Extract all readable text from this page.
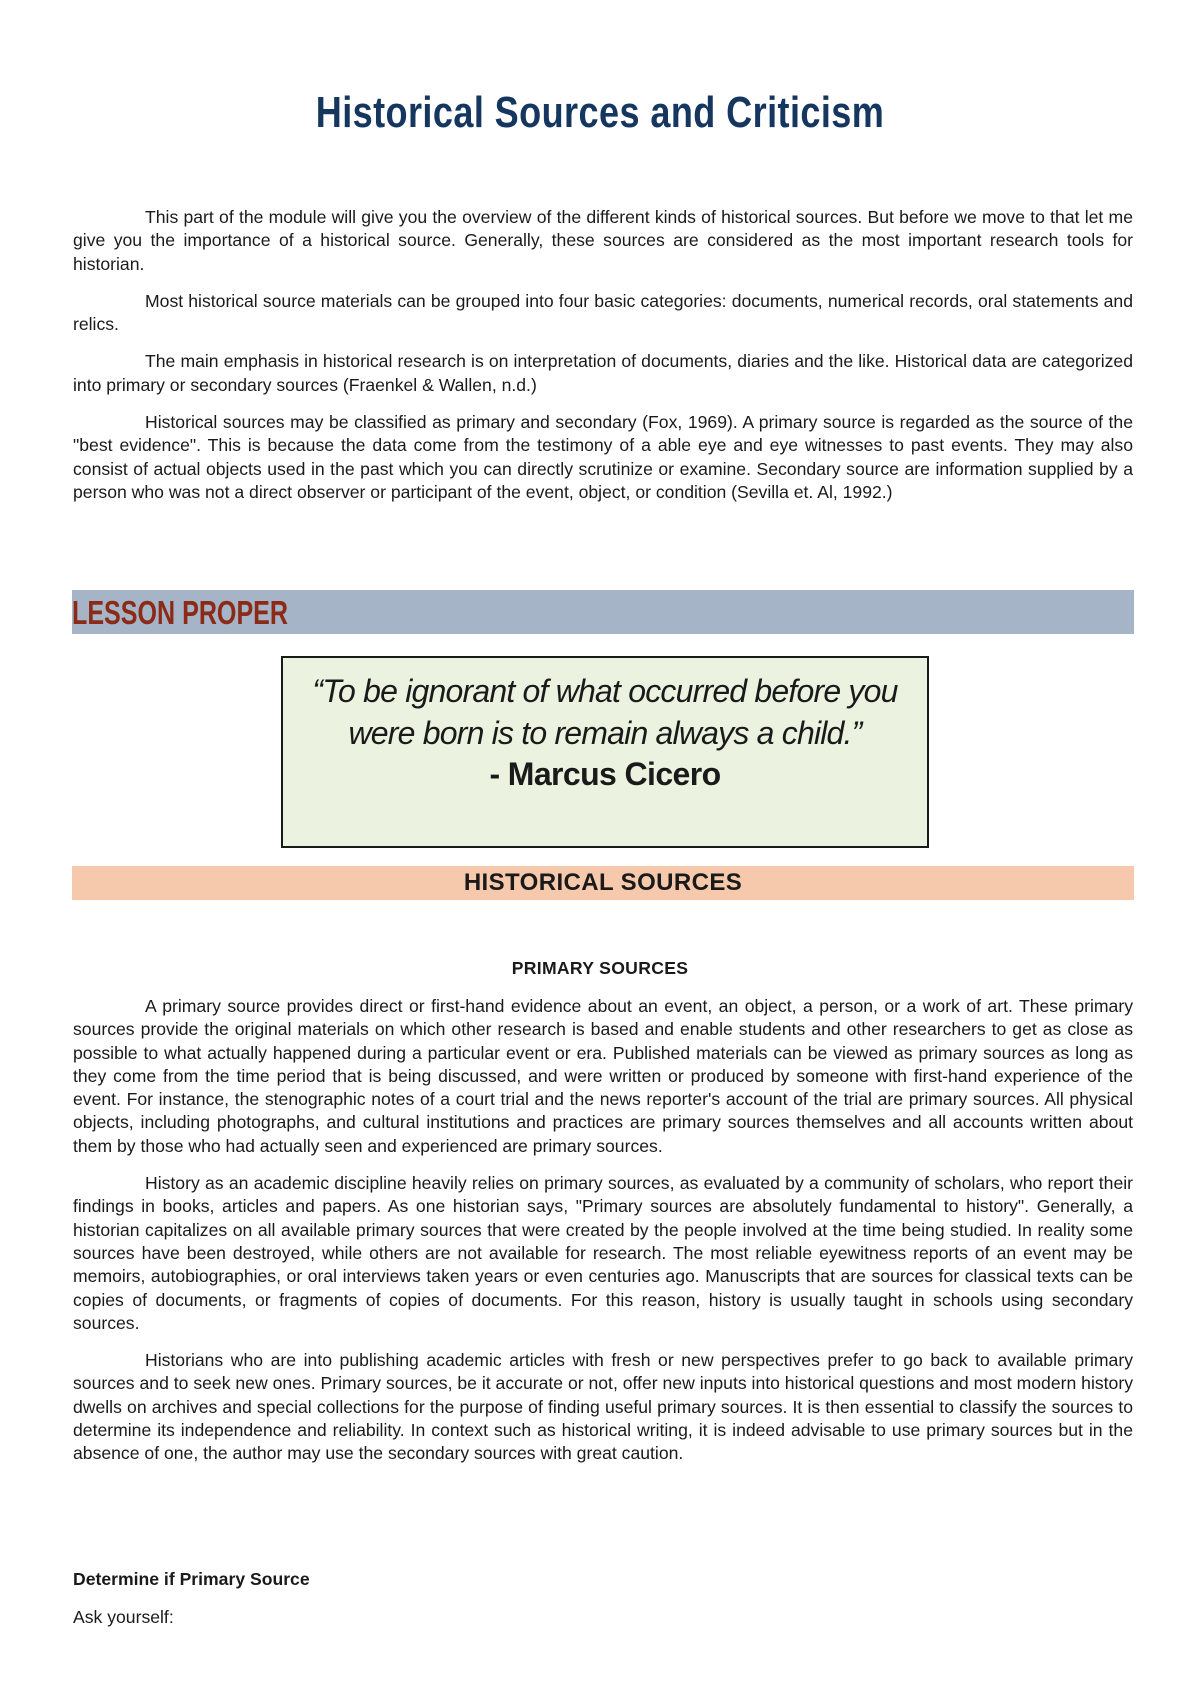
Historical Sources and Criticism

This part of the module will give you the overview of the different kinds of historical sources. But before we move to that let me give you the importance of a historical source. Generally, these sources are considered as the most important research tools for historian.

Most historical source materials can be grouped into four basic categories: documents, numerical records, oral statements and relics.

The main emphasis in historical research is on interpretation of documents, diaries and the like. Historical data are categorized into primary or secondary sources (Fraenkel & Wallen, n.d.)

Historical sources may be classified as primary and secondary (Fox, 1969). A primary source is regarded as the source of the "best evidence". This is because the data come from the testimony of a able eye and eye witnesses to past events. They may also consist of actual objects used in the past which you can directly scrutinize or examine. Secondary source are information supplied by a person who was not a direct observer or participant of the event, object, or condition (Sevilla et. Al, 1992.)

LESSON PROPER
“To be ignorant of what occurred before you were born is to remain always a child.”
- Marcus Cicero
HISTORICAL SOURCES
PRIMARY SOURCES

A primary source provides direct or first-hand evidence about an event, an object, a person, or a work of art. These primary sources provide the original materials on which other research is based and enable students and other researchers to get as close as possible to what actually happened during a particular event or era. Published materials can be viewed as primary sources as long as they come from the time period that is being discussed, and were written or produced by someone with first-hand experience of the event. For instance, the stenographic notes of a court trial and the news reporter's account of the trial are primary sources. All physical objects, including photographs, and cultural institutions and practices are primary sources themselves and all accounts written about them by those who had actually seen and experienced are primary sources.

History as an academic discipline heavily relies on primary sources, as evaluated by a community of scholars, who report their findings in books, articles and papers. As one historian says, "Primary sources are absolutely fundamental to history". Generally, a historian capitalizes on all available primary sources that were created by the people involved at the time being studied. In reality some sources have been destroyed, while others are not available for research. The most reliable eyewitness reports of an event may be memoirs, autobiographies, or oral interviews taken years or even centuries ago. Manuscripts that are sources for classical texts can be copies of documents, or fragments of copies of documents. For this reason, history is usually taught in schools using secondary sources.

Historians who are into publishing academic articles with fresh or new perspectives prefer to go back to available primary sources and to seek new ones. Primary sources, be it accurate or not, offer new inputs into historical questions and most modern history dwells on archives and special collections for the purpose of finding useful primary sources. It is then essential to classify the sources to determine its independence and reliability. In context such as historical writing, it is indeed advisable to use primary sources but in the absence of one, the author may use the secondary sources with great caution.

Determine if Primary Source
Ask yourself:
